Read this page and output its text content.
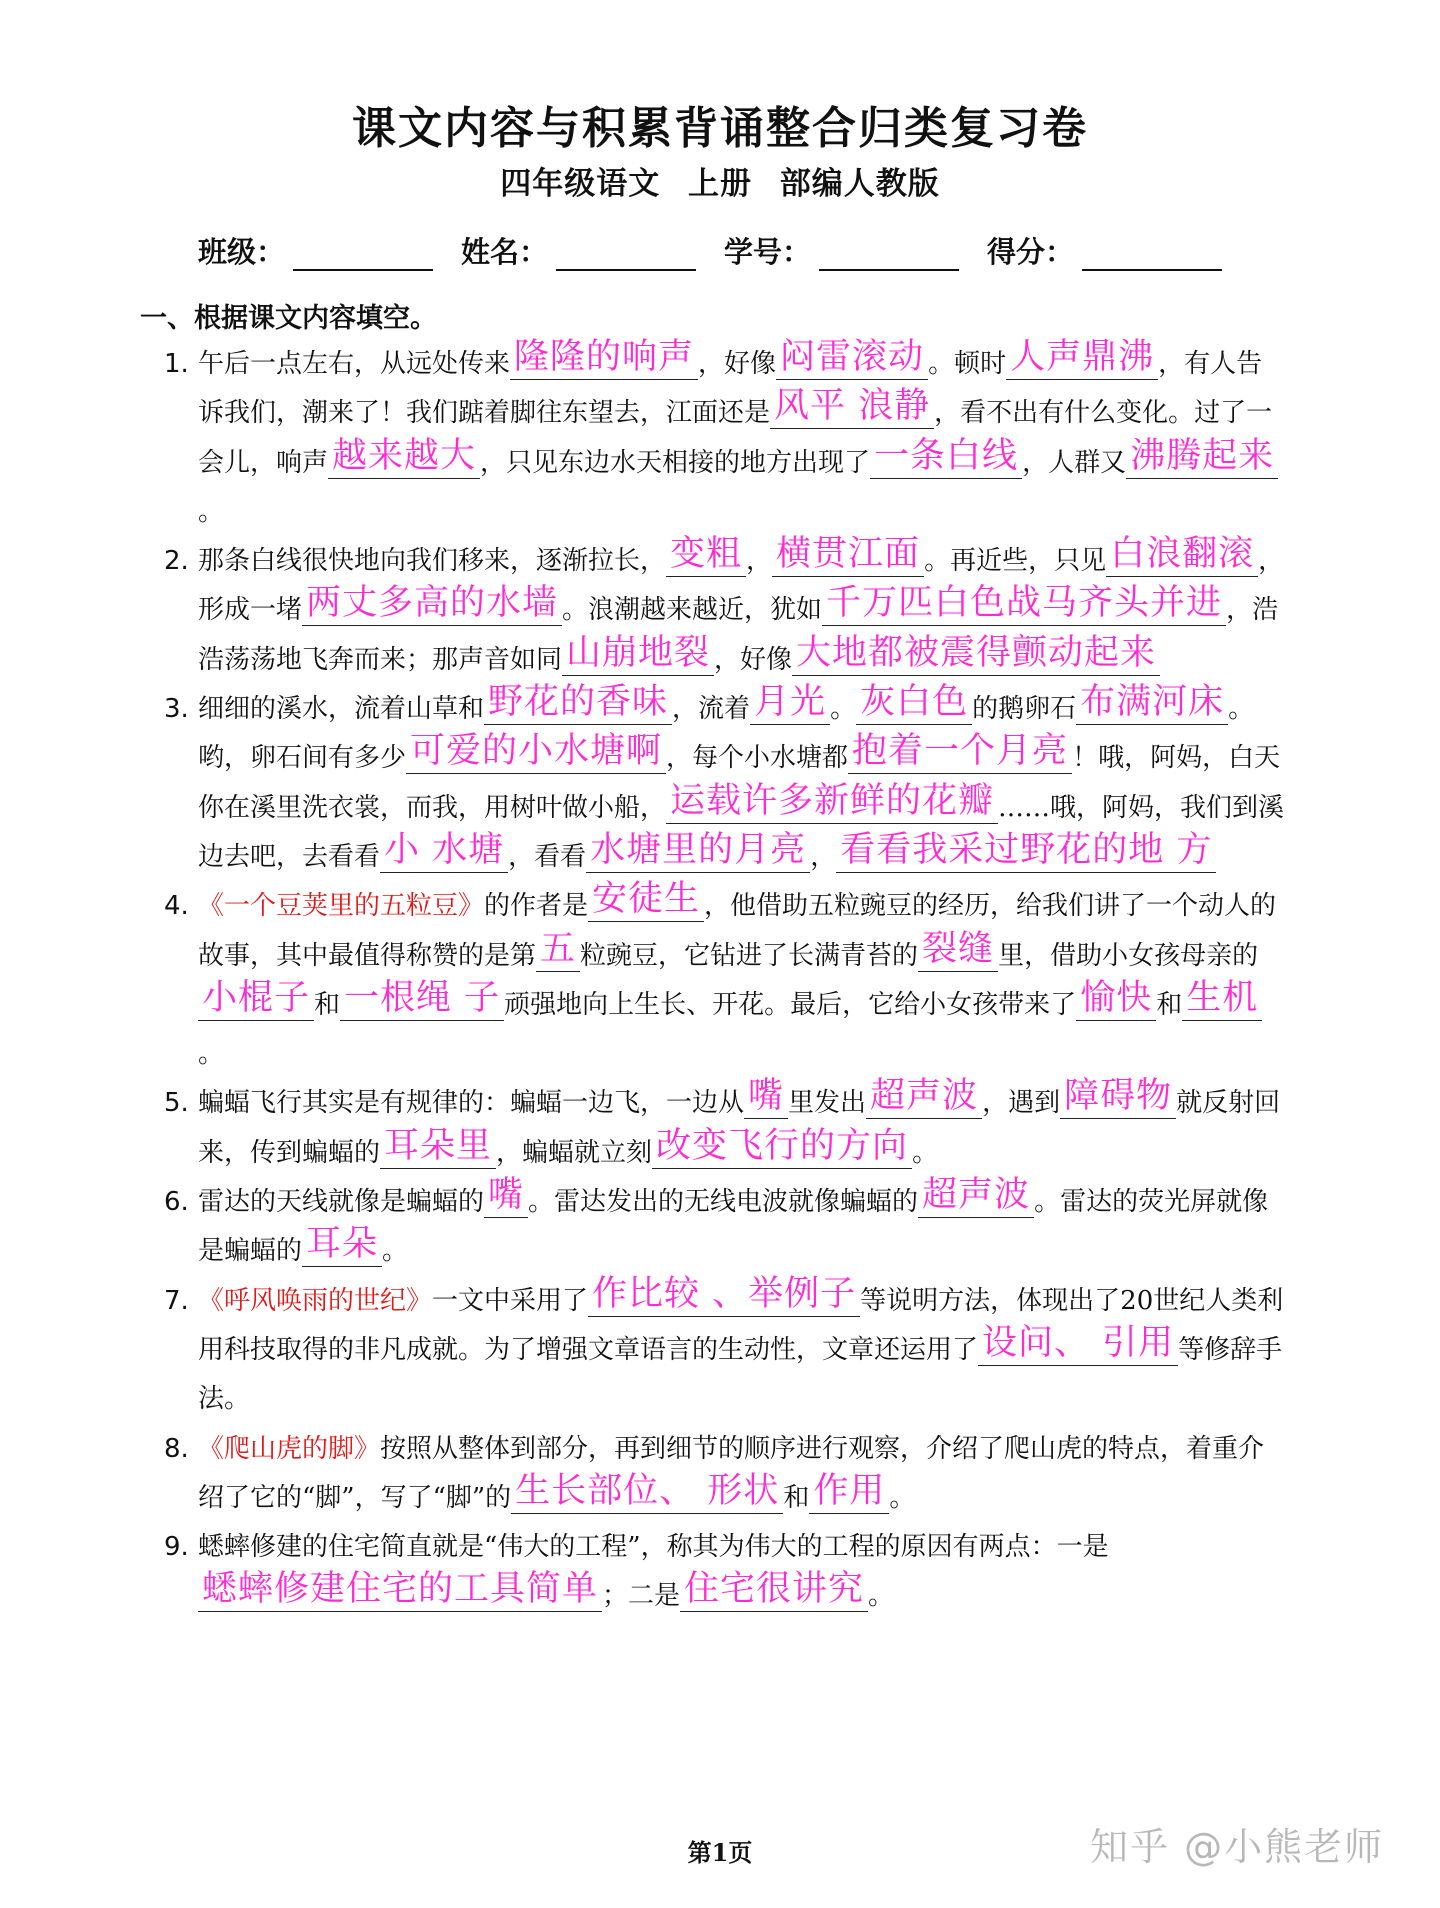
课文内容与积累背诵整合归类复习卷
四年级语文 上册 部编人教版
班级：	姓名：	学号：	得分：
一、根据课文内容填空。

1. 午后一点左右，从远处传来 隆隆的响声 ，好像 闷雷滚动 。顿时 人声鼎沸 ，有人告诉我们，潮来了！我们踮着脚往东望去，江面还是 风平 浪静 ，看不出有什么变化。过了一会儿，响声 越来越大 ，只见东边水天相接的地方出现了 一条白线 ，人群又 沸腾起来。

2. 那条白线很快地向我们移来，逐渐拉长， 变粗 ， 横贯江面 。再近些，只见 白浪翻滚 ，形成一堵 两丈多高的水墙 。浪潮越来越近，犹如 千万匹白色战马齐头并进 ，浩浩荡荡地飞奔而来；那声音如同 山崩地裂 ，好像 大地都被震得颤动起来

3. 细细的溪水，流着山草和 野花的香味 ，流着 月光 。 灰白色 的鹅卵石 布满河床 。哟，卵石间有多少 可爱的小水塘啊 ，每个小水塘都 抱着一个月亮 ！哦，阿妈，白天你在溪里洗衣裳，而我，用树叶做小船， 运载许多新鲜的花瓣 ……哦，阿妈，我们到溪边去吧，去看看 小 水塘 ，看看 水塘里的月亮 ， 看看我采过野花的地 方

4. 《一个豆荚里的五粒豆》的作者是 安徒生 ，他借助五粒豌豆的经历，给我们讲了一个动人的故事，其中最值得称赞的是第 五 粒豌豆，它钻进了长满青苔的 裂缝 里，借助小女孩母亲的小棍子 和 一根绳 子 顽强地向上生长、开花。最后，它给小女孩带来了 愉快 和 生机。

5. 蝙蝠飞行其实是有规律的：蝙蝠一边飞，一边从 嘴 里发出 超声波 ，遇到 障碍物 就反射回来，传到蝙蝠的 耳朵里 ，蝙蝠就立刻 改变飞行的方向 。

6. 雷达的天线就像是蝙蝠的 嘴 。雷达发出的无线电波就像蝙蝠的 超声波 。雷达的荧光屏就像是蝙蝠的 耳朵 。

7. 《呼风唤雨的世纪》一文中采用了 作比较 、举例子 等说明方法，体现出了20世纪人类利用科技取得的非凡成就。为了增强文章语言的生动性，文章还运用了 设问、 引用 等修辞手法。

8. 《爬山虎的脚》按照从整体到部分，再到细节的顺序进行观察，介绍了爬山虎的特点，着重介绍了它的“脚”，写了“脚”的 生长部位、 形状 和 作用 。

9. 蟋蟀修建的住宅简直就是“伟大的工程”，称其为伟大的工程的原因有两点：一是蟋蟀修建住宅的工具简单 ；二是 住宅很讲究 。

第1页	知乎 @小熊老师
